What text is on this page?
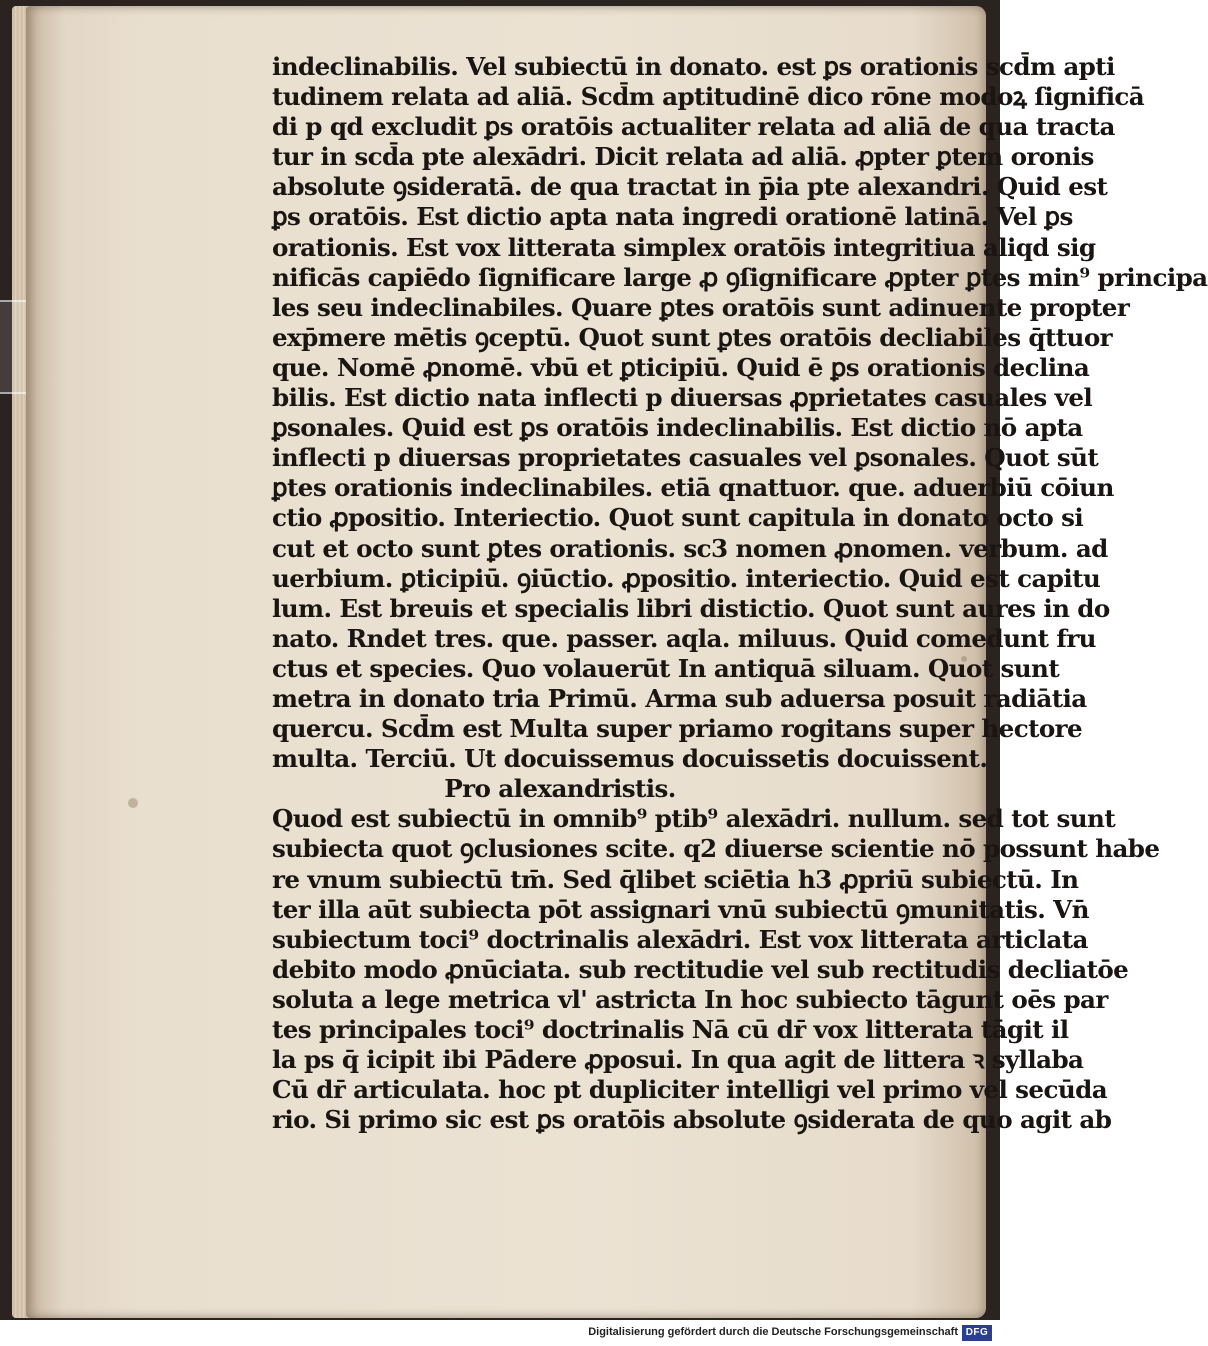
indeclinabilis. Vel subiectū in donato. est ꝑs orationis scd̄m apti
tudinem relata ad aliā. Scd̄m aptitudinē dico rōne modoꝝ ſignificā
di p qd excludit ꝑs oratōis actualiter relata ad aliā de qua tracta
tur in scd̄a pte alexādri. Dicit relata ad aliā. ꝓpter ꝑtem oronis
absolute ꝯsideratā. de qua tractat in p̄ia pte alexandri. Quid est
ꝑs oratōis. Est dictio apta nata ingredi orationē latinā. Vel ꝑs
orationis. Est vox litterata simplex oratōis integritiua aliqd sig
nificās capiēdo ſignificare large ꝓ ꝯſignificare ꝓpter ꝑtes min⁹ principa
les seu indeclinabiles. Quare ꝑtes oratōis sunt adinuente propter
exp̄mere mētis ꝯceptū. Quot sunt ꝑtes oratōis decliabiles q̄ttuor
que. Nomē ꝓnomē. vbū et ꝑticipiū. Quid ē ꝑs orationis declina
bilis. Est dictio nata inflecti p diuersas ꝓprietates casuales vel
ꝑsonales. Quid est ꝑs oratōis indeclinabilis. Est dictio nō apta
inflecti p diuersas proprietates casuales vel ꝑsonales. Quot sūt
ꝑtes orationis indeclinabiles. etiā qnattuor. que. aduerbiū cōiun
ctio ꝓpositio. Interiectio. Quot sunt capitula in donato octo si
cut et octo sunt ꝑtes orationis. sc3 nomen ꝓnomen. verbum. ad
uerbium. ꝑticipiū. ꝯiūctio. ꝓpositio. interiectio. Quid est capitu
lum. Est breuis et specialis libri distictio. Quot sunt aures in do
nato. Rndet tres. que. passer. aqla. miluus. Quid comedunt fru
ctus et species. Quo volauerūt In antiquā siluam. Quot sunt
metra in donato tria Primū. Arma sub aduersa posuit radiātia
quercu. Scd̄m est Multa super priamo rogitans super hectore
multa. Terciū. Ut docuissemus docuissetis docuissent.
Pro alexandristis.
Quod est subiectū in omnib⁹ ptib⁹ alexādri. nullum. sed tot sunt
subiecta quot ꝯclusiones scite. q2 diuerse scientie nō possunt habe
re vnum subiectū tm̄. Sed q̄libet sciētia h3 ꝓpriū subiectū. In
ter illa aūt subiecta pōt assignari vnū subiectū ꝯmunitatis. Vn̄
subiectum toci⁹ doctrinalis alexādri. Est vox litterata articlata
debito modo ꝓnūciata. sub rectitudie vel sub rectitudis decliatōe
soluta a lege metrica vl' astricta In hoc subiecto tāgunt oēs par
tes principales toci⁹ doctrinalis Nā cū dr̄ vox litterata tāgit il
la ps q̄ icipit ibi Pādere ꝓposui. In qua agit de littera ꝛ syllaba
Cū dr̄ articulata. hoc pt dupliciter intelligi vel primo vel secūda
rio. Si primo sic est ꝑs oratōis absolute ꝯsiderata de quo agit ab
Digitalisierung gefördert durch die Deutsche Forschungsgemeinschaft DFG
